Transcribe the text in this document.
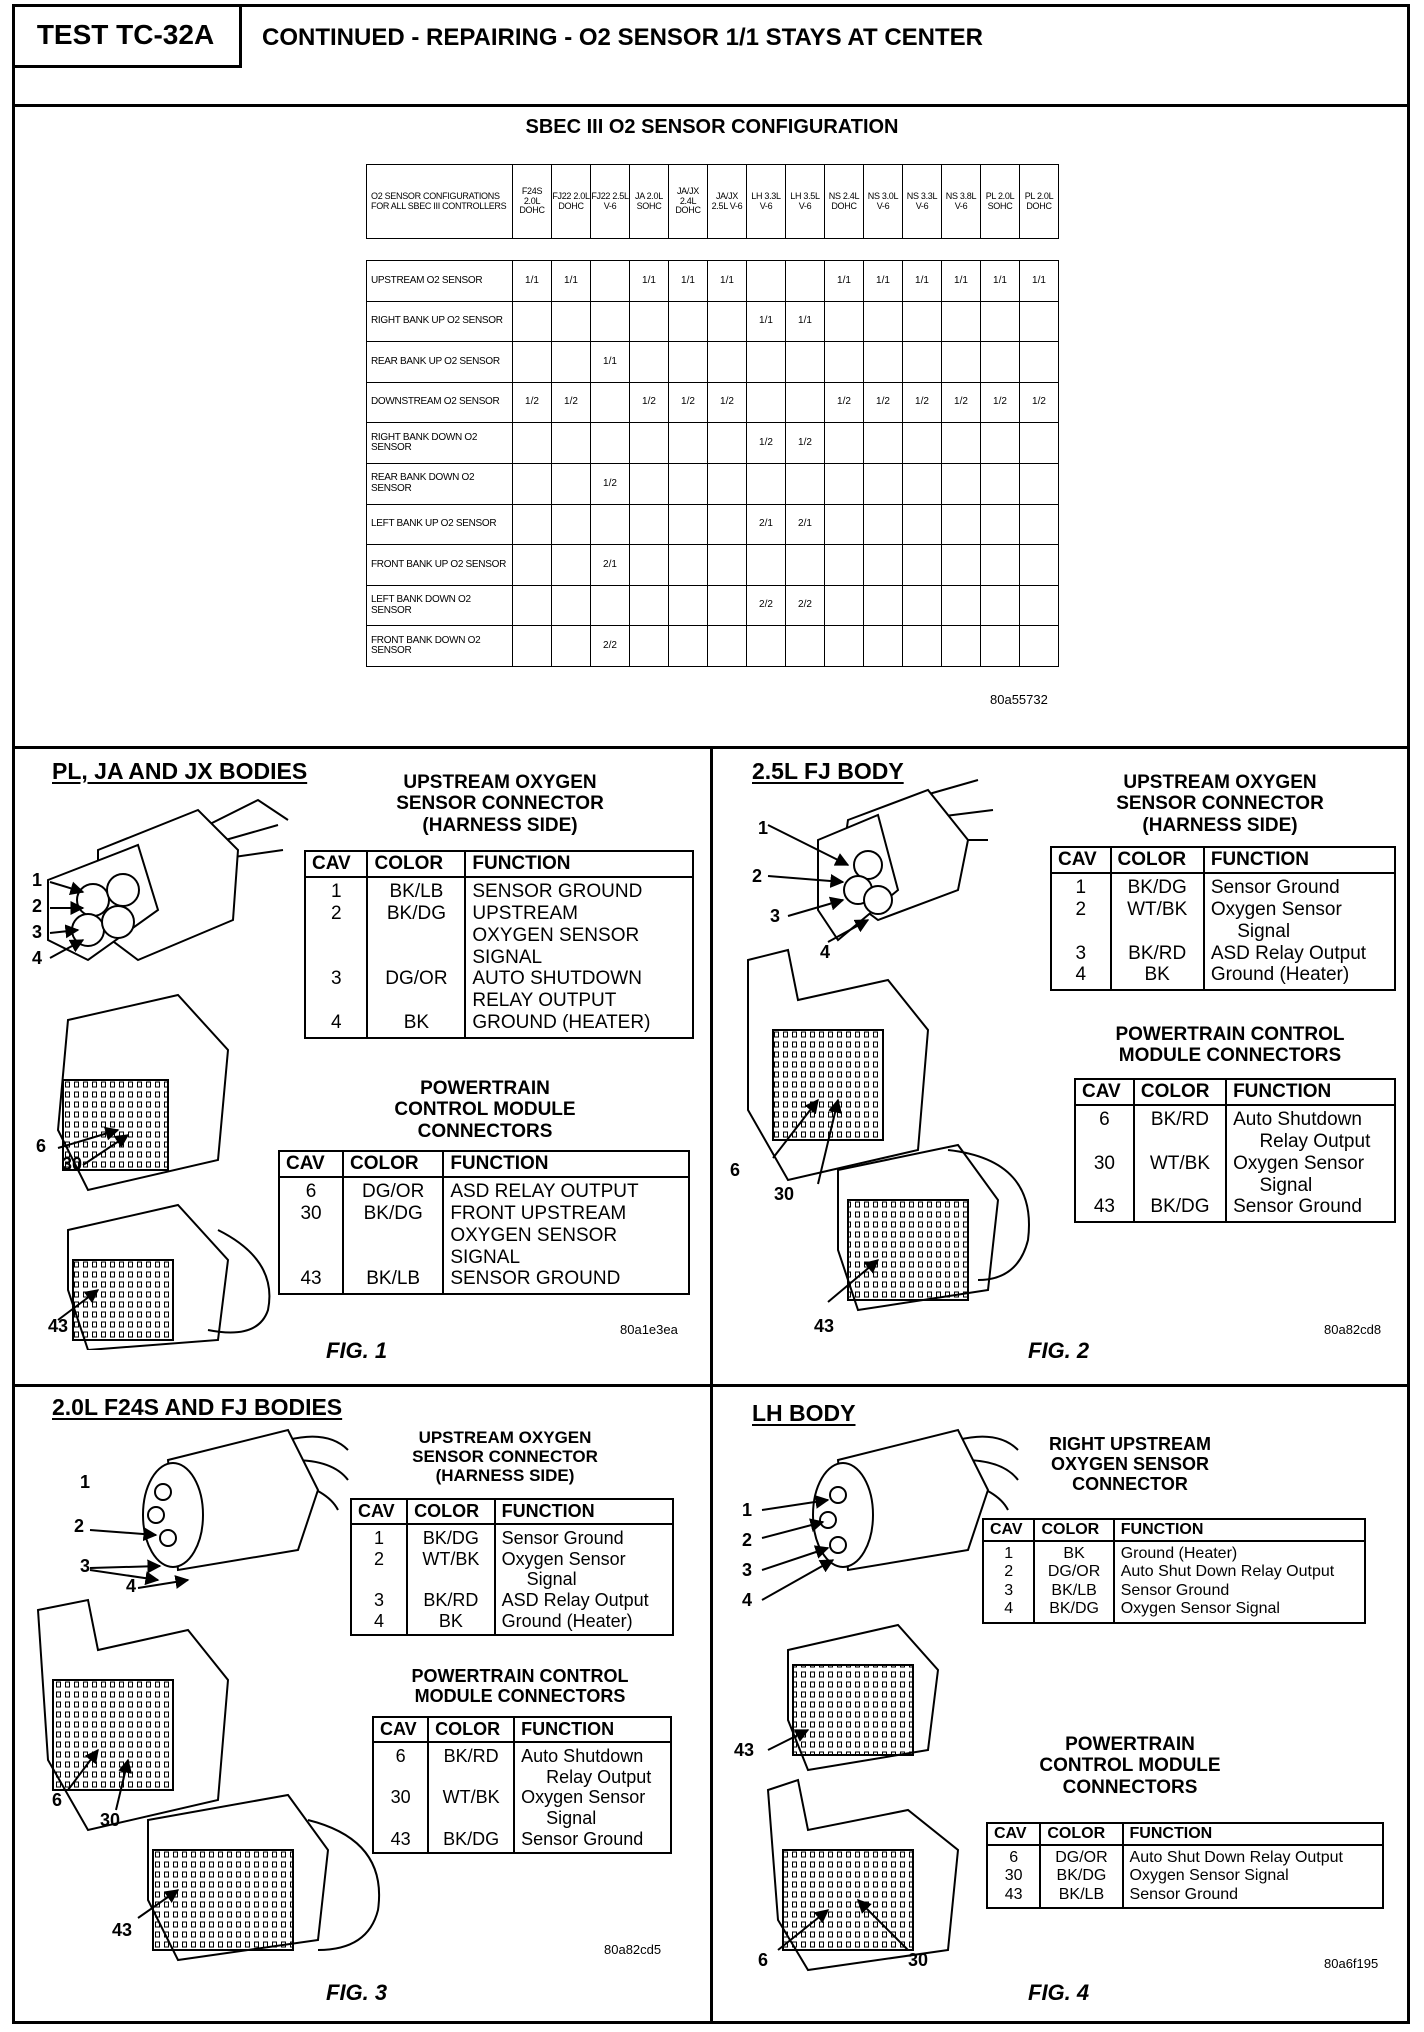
TEST TC-32A	CONTINUED - REPAIRING - O2 SENSOR 1/1 STAYS AT CENTER
SBEC III O2 SENSOR CONFIGURATION
O2 SENSOR CONFIGURATIONS FOR ALL SBEC III CONTROLLERS	F24S 2.0L DOHC	FJ22 2.0L DOHC	FJ22 2.5L V-6	JA 2.0L SOHC	JA/JX 2.4L DOHC	JA/JX 2.5L V-6	LH 3.3L V-6	LH 3.5L V-6	NS 2.4L DOHC	NS 3.0L V-6	NS 3.3L V-6	NS 3.8L V-6	PL 2.0L SOHC	PL 2.0L DOHC

UPSTREAM O2 SENSOR	1/1	1/1		1/1	1/1	1/1			1/1	1/1	1/1	1/1	1/1	1/1
RIGHT BANK UP O2 SENSOR							1/1	1/1						
REAR BANK UP O2 SENSOR			1/1											
DOWNSTREAM O2 SENSOR	1/2	1/2		1/2	1/2	1/2			1/2	1/2	1/2	1/2	1/2	1/2
RIGHT BANK DOWN O2 SENSOR							1/2	1/2						
REAR BANK DOWN O2 SENSOR			1/2											
LEFT BANK UP O2 SENSOR							2/1	2/1						
FRONT BANK UP O2 SENSOR			2/1											
LEFT BANK DOWN O2 SENSOR							2/2	2/2						
FRONT BANK DOWN O2 SENSOR			2/2											
80a55732
PL, JA AND JX BODIES	UPSTREAM OXYGEN
SENSOR CONNECTOR
(HARNESS SIDE)
CAV	COLOR	FUNCTION
1	BK/LB	SENSOR GROUND
2	BK/DG	UPSTREAM
OXYGEN SENSOR
SIGNAL
3	DG/OR	AUTO SHUTDOWN
RELAY OUTPUT
4	BK	GROUND (HEATER)
POWERTRAIN
CONTROL MODULE
CONNECTORS
CAV	COLOR	FUNCTION
6	DG/OR	ASD RELAY OUTPUT
30	BK/DG	FRONT UPSTREAM
OXYGEN SENSOR
SIGNAL
43	BK/LB	SENSOR GROUND
1
2
3
4
6
30
43	80a1e3ea
FIG. 1
2.5L FJ BODY	UPSTREAM OXYGEN
SENSOR CONNECTOR
(HARNESS SIDE)
CAV	COLOR	FUNCTION
1	BK/DG	Sensor Ground
2	WT/BK	Oxygen Sensor
Signal
3	BK/RD	ASD Relay Output
4	BK	Ground (Heater)
POWERTRAIN CONTROL
MODULE CONNECTORS
CAV	COLOR	FUNCTION
6	BK/RD	Auto Shutdown
Relay Output
30	WT/BK	Oxygen Sensor
Signal
43	BK/DG	Sensor Ground
1
2
3
4
6
30
43	80a82cd8
FIG. 2
2.0L F24S AND FJ BODIES
UPSTREAM OXYGEN
SENSOR CONNECTOR
(HARNESS SIDE)
CAV	COLOR	FUNCTION
1	BK/DG	Sensor Ground
2	WT/BK	Oxygen Sensor
Signal
3	BK/RD	ASD Relay Output
4	BK	Ground (Heater)
POWERTRAIN CONTROL
MODULE CONNECTORS
CAV	COLOR	FUNCTION
6	BK/RD	Auto Shutdown
Relay Output
30	WT/BK	Oxygen Sensor
Signal
43	BK/DG	Sensor Ground
1
2
3
4
6
30
43
80a82cd5
FIG. 3
LH BODY
RIGHT UPSTREAM
OXYGEN SENSOR
CONNECTOR
CAV	COLOR	FUNCTION
1	BK	Ground (Heater)
2	DG/OR	Auto Shut Down Relay Output
3	BK/LB	Sensor Ground
4	BK/DG	Oxygen Sensor Signal
POWERTRAIN
CONTROL MODULE
CONNECTORS
CAV	COLOR	FUNCTION
6	DG/OR	Auto Shut Down Relay Output
30	BK/DG	Oxygen Sensor Signal
43	BK/LB	Sensor Ground
1
2
3
4
43
6	30	80a6f195
FIG. 4
